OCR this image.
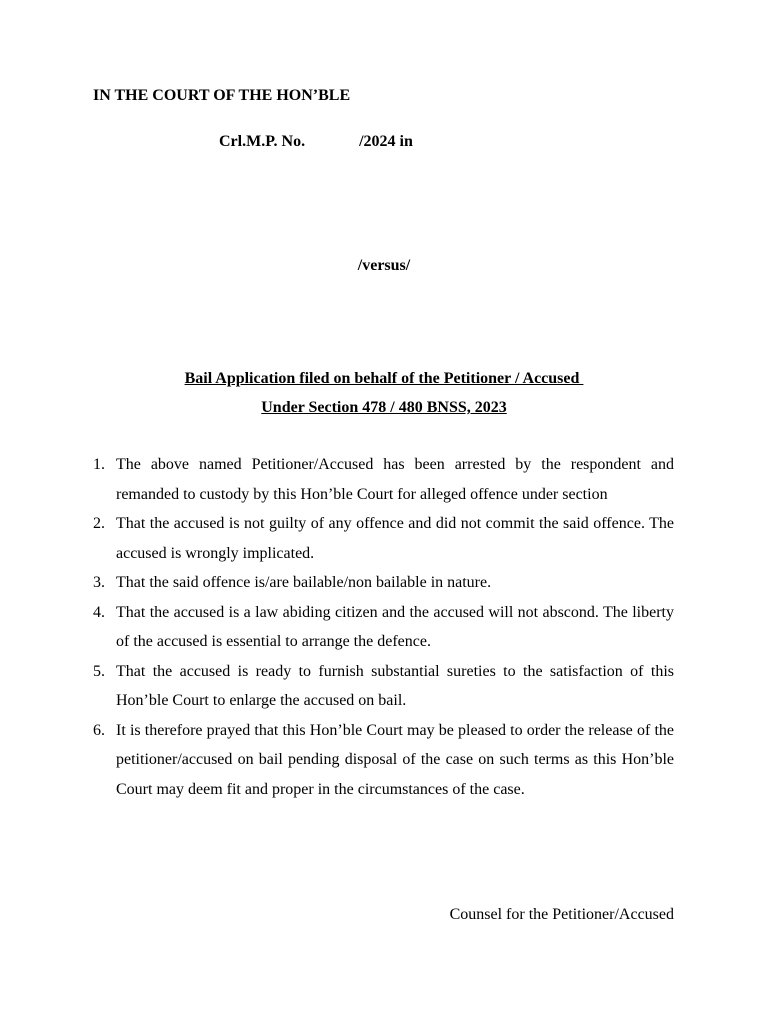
IN THE COURT OF THE HON’BLE
Crl.M.P. No.	/2024 in
/versus/
Bail Application filed on behalf of the Petitioner / Accused
Under Section 478 / 480 BNSS, 2023
1. The above named Petitioner/Accused has been arrested by the respondent and remanded to custody by this Hon’ble Court for alleged offence under section
2. That the accused is not guilty of any offence and did not commit the said offence. The accused is wrongly implicated.
3. That the said offence is/are bailable/non bailable in nature.
4. That the accused is a law abiding citizen and the accused will not abscond. The liberty of the accused is essential to arrange the defence.
5. That the accused is ready to furnish substantial sureties to the satisfaction of this Hon’ble Court to enlarge the accused on bail.
6. It is therefore prayed that this Hon’ble Court may be pleased to order the release of the petitioner/accused on bail pending disposal of the case on such terms as this Hon’ble Court may deem fit and proper in the circumstances of the case.
Counsel for the Petitioner/Accused
